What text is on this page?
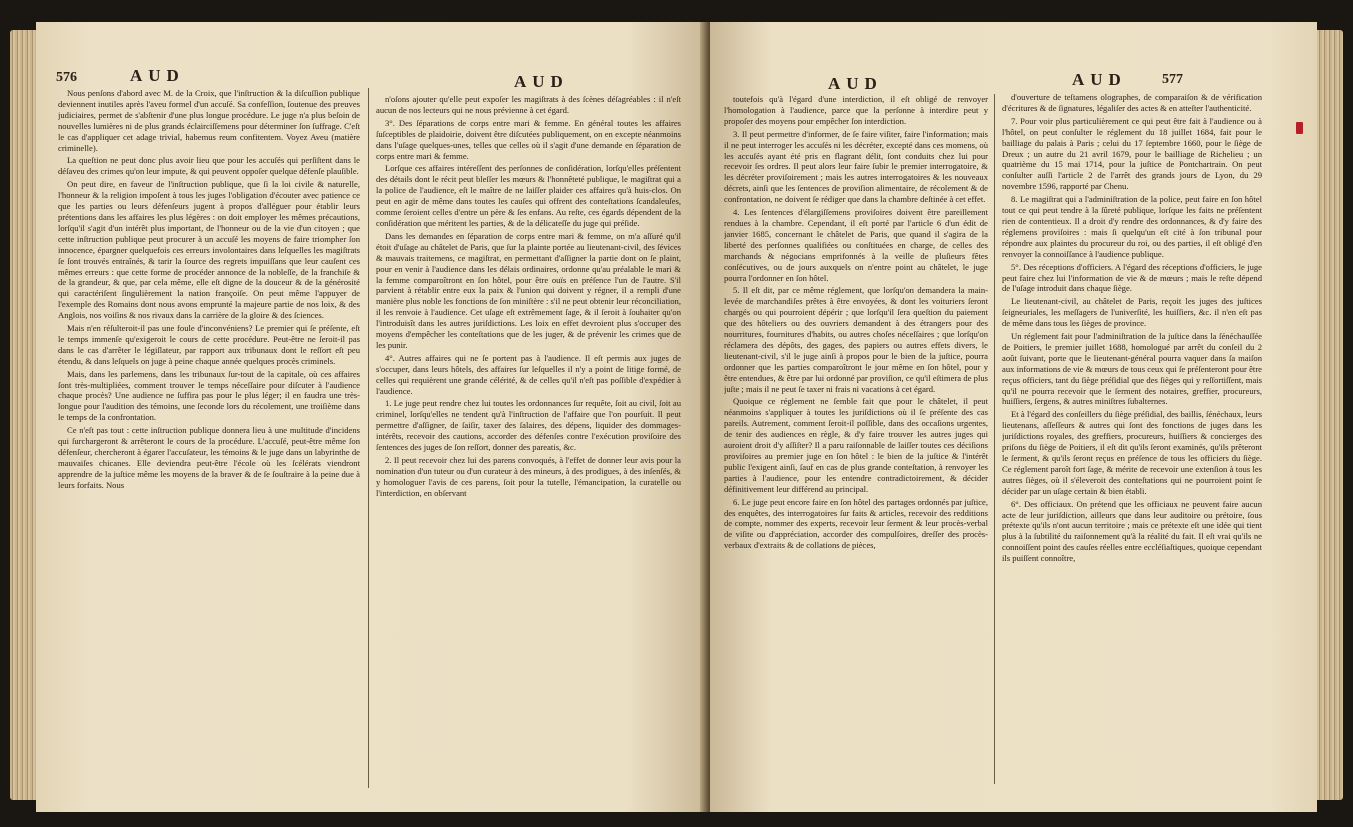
576	AUD	AUD

Nous penſons d'abord avec M. de la Croix, que l'inſtruction & la diſcuſſion publique deviennent inutiles après l'aveu formel d'un accuſé. Sa confeſſion, ſoutenue des preuves judiciaires, permet de s'abſtenir d'une plus longue procédure. Le juge n'a plus beſoin de nouvelles lumières ni de plus grands éclairciſſemens pour déterminer ſon ſuffrage. C'eſt le cas d'appliquer cet adage trivial, habemus reum confitentem. Voyez Aveu (matière criminelle).

La queſtion ne peut donc plus avoir lieu que pour les accuſés qui perſiſtent dans le déſaveu des crimes qu'on leur impute, & qui peuvent oppoſer quelque défenſe plauſible.

On peut dire, en faveur de l'inſtruction publique, que ſi la loi civile & naturelle, l'honneur & la religion impoſent à tous les juges l'obligation d'écouter avec patience ce que les parties ou leurs défenſeurs jugent à propos d'alléguer pour établir leurs prétentions dans les affaires les plus légères : on doit employer les mêmes précautions, lorſqu'il s'agit d'un intérêt plus important, de l'honneur ou de la vie d'un citoyen ; que cette inſtruction publique peut procurer à un accuſé les moyens de faire triompher ſon innocence, épargner quelquefois ces erreurs involontaires dans leſquelles les magiſtrats ſe ſont trouvés entraînés, & tarir la ſource des regrets impuiſſans que leur cauſent ces mêmes erreurs : que cette forme de procéder annonce de la nobleſſe, de la franchiſe & de la grandeur, & que, par cela même, elle eſt digne de la douceur & de la générosité qui caractériſent ſingulièrement la nation françoiſe. On peut même l'appuyer de l'exemple des Romains dont nous avons emprunté la majeure partie de nos loix, & des Anglois, nos voiſins & nos rivaux dans la carrière de la gloire & des ſciences.

Mais n'en réſulteroit-il pas une foule d'inconvéniens? Le premier qui ſe préſente, eſt le temps immenſe qu'exigeroit le cours de cette procédure. Peut-être ne ſeroit-il pas dans le cas d'arrêter le légiſlateur, par rapport aux tribunaux dont le reſſort eſt peu étendu, & dans leſquels on juge à peine chaque année quelques procès criminels.

Mais, dans les parlemens, dans les tribunaux ſur-tout de la capitale, où ces affaires ſont très-multipliées, comment trouver le temps néceſſaire pour diſcuter à l'audience chaque procès? Une audience ne ſuffira pas pour le plus léger; il en faudra une très-longue pour l'audition des témoins, une ſeconde lors du récolement, une troiſième dans le temps de la confrontation.

Ce n'eſt pas tout : cette inſtruction publique donnera lieu à une multitude d'incidens qui ſurchargeront & arrêteront le cours de la procédure. L'accuſé, peut-être même ſon défenſeur, chercheront à égarer l'accuſateur, les témoins & le juge dans un labyrinthe de mauvaiſes chicanes. Elle deviendra peut-être l'école où les ſcélérats viendront apprendre de la juſtice même les moyens de la braver & de ſe ſouſtraire à la peine due à leurs forfaits. Nous

n'oſons ajouter qu'elle peut expoſer les magiſtrats à des ſcènes déſagréables : il n'eſt aucun de nos lecteurs qui ne nous prévienne à cet égard.

3°. Des ſéparations de corps entre mari & femme. En général toutes les affaires ſuſceptibles de plaidoirie, doivent être diſcutées publiquement, on en excepte néanmoins dans l'uſage quelques-unes, telles que celles où il s'agit d'une demande en ſéparation de corps entre mari & femme.

Lorſque ces affaires intéreſſent des perſonnes de conſidération, lorſqu'elles préſentent des détails dont le récit peut bleſſer les mœurs & l'honnêteté publique, le magiſtrat qui a la police de l'audience, eſt le maître de ne laiſſer plaider ces affaires qu'à huis-clos. On peut en agir de même dans toutes les cauſes qui offrent des conteſtations ſcandaleuſes, comme ſeroient celles d'entre un père & ſes enfans. Au reſte, ces égards dépendent de la conſidération que méritent les parties, & de la délicateſſe du juge qui préſide.

Dans les demandes en ſéparation de corps entre mari & femme, on m'a aſſuré qu'il étoit d'uſage au châtelet de Paris, que ſur la plainte portée au lieutenant-civil, des ſévices & mauvais traitemens, ce magiſtrat, en permettant d'aſſigner la partie dont on ſe plaint, pour en venir à l'audience dans les délais ordinaires, ordonne qu'au préalable le mari & la femme comparoîtront en ſon hôtel, pour être ouïs en préſence l'un de l'autre. S'il parvient à rétablir entre eux la paix & l'union qui doivent y régner, il a rempli d'une manière plus noble les fonctions de ſon miniſtère : s'il ne peut obtenir leur réconciliation, il les renvoie à l'audience. Cet uſage eſt extrêmement ſage, & il ſeroit à ſouhaiter qu'on l'introduisît dans les autres juriſdictions. Les loix en effet devroient plus s'occuper des moyens d'empêcher les conteſtations que de les juger, & de prévenir les crimes que de les punir.

4°. Autres affaires qui ne ſe portent pas à l'audience. Il eſt permis aux juges de s'occuper, dans leurs hôtels, des affaires ſur leſquelles il n'y a point de litige formé, de celles qui requièrent une grande célérité, & de celles qu'il n'eſt pas poſſible d'expédier à l'audience.

1. Le juge peut rendre chez lui toutes les ordonnances ſur requête, ſoit au civil, ſoit au criminel, lorſqu'elles ne tendent qu'à l'inſtruction de l'affaire que l'on pourſuit. Il peut permettre d'aſſigner, de ſaiſir, taxer des ſalaires, des dépens, liquider des dommages-intérêts, recevoir des cautions, accorder des défenſes contre l'exécution proviſoire des ſentences des juges de ſon reſſort, donner des pareatis, &c.

2. Il peut recevoir chez lui des parens convoqués, à l'effet de donner leur avis pour la nomination d'un tuteur ou d'un curateur à des mineurs, à des prodigues, à des inſenſés, & y homologuer l'avis de ces parens, ſoit pour la tutelle, l'émancipation, la curatelle ou l'interdiction, en obſervant

AUD	AUD	577

toutefois qu'à l'égard d'une interdiction, il eſt obligé de renvoyer l'homologation à l'audience, parce que la perſonne à interdire peut y propoſer des moyens pour empêcher ſon interdiction.

3. Il peut permettre d'informer, de ſe faire viſiter, faire l'information; mais il ne peut interroger les accuſés ni les décréter, excepté dans ces momens, où les accuſés ayant été pris en flagrant délit, ſont conduits chez lui pour recevoir ſes ordres. Il peut alors leur faire ſubir le premier interrogatoire, & les décréter proviſoirement ; mais les autres interrogatoires & les nouveaux décrets, ainſi que les ſentences de proviſion alimentaire, de récolement & de confrontation, ne doivent ſe rédiger que dans la chambre deſtinée à cet effet.

4. Les ſentences d'élargiſſemens proviſoires doivent être pareillement rendues à la chambre. Cependant, il eſt porté par l'article 6 d'un édit de janvier 1685, concernant le châtelet de Paris, que quand il s'agira de la liberté des perſonnes qualifiées ou conſtituées en charge, de celles des marchands & négocians emprifonnés à la veille de pluſieurs fêtes conſécutives, ou de jours auxquels on n'entre point au châtelet, le juge pourra l'ordonner en ſon hôtel.

5. Il eſt dit, par ce même réglement, que lorſqu'on demandera la main-levée de marchandiſes prêtes à être envoyées, & dont les voituriers ſeront chargés ou qui pourroient dépérir ; que lorſqu'il ſera queſtion du paiement que des hôteliers ou des ouvriers demandent à des étrangers pour des nourritures, fournitures d'habits, ou autres choſes néceſſaires ; que lorſqu'on réclamera des dépôts, des gages, des papiers ou autres effets divers, le lieutenant-civil, s'il le juge ainſi à propos pour le bien de la juſtice, pourra ordonner que les parties comparoîtront le jour même en ſon hôtel, pour y être entendues, & être par lui ordonné par proviſion, ce qu'il eſtimera de plus juſte ; mais il ne peut ſe taxer ni frais ni vacations à cet égard.

Quoique ce réglement ne ſemble fait que pour le châtelet, il peut néanmoins s'appliquer à toutes les juriſdictions où il ſe préſente des cas pareils. Autrement, comment ſeroit-il poſſible, dans des occaſions urgentes, de tenir des audiences en règle, & d'y faire trouver les autres juges qui auroient droit d'y aſſiſter? Il a paru raiſonnable de laiſſer toutes ces déciſions proviſoires au premier juge en ſon hôtel : le bien de la juſtice & l'intérêt public l'exigent ainſi, ſauf en cas de plus grande conteſtation, à renvoyer les parties à l'audience, pour les entendre contradictoirement, & décider définitivement leur différend au principal.

6. Le juge peut encore faire en ſon hôtel des partages ordonnés par juſtice, des enquêtes, des interrogatoires ſur faits & articles, recevoir des redditions de compte, nommer des experts, recevoir leur ſerment & leur procès-verbal de viſite ou d'appréciation, accorder des compulſoires, dreſſer des procès-verbaux d'extraits & de collations de pièces,

d'ouverture de teſtamens olographes, de comparaiſon & de vérification d'écritures & de ſignatures, légaliſer des actes & en atteſter l'authenticité.

7. Pour voir plus particulièrement ce qui peut être fait à l'audience ou à l'hôtel, on peut conſulter le réglement du 18 juillet 1684, fait pour le bailliage du palais à Paris ; celui du 17 ſeptembre 1660, pour le ſiège de Dreux ; un autre du 21 avril 1679, pour le bailliage de Richelieu ; un quatrième du 15 mai 1714, pour la juſtice de Pontchartrain. On peut conſulter auſſi l'article 2 de l'arrêt des grands jours de Lyon, du 29 novembre 1596, rapporté par Chenu.

8. Le magiſtrat qui a l'adminiſtration de la police, peut faire en ſon hôtel tout ce qui peut tendre à la ſûreté publique, lorſque les faits ne préſentent rien de contentieux. Il a droit d'y rendre des ordonnances, & d'y faire des réglemens proviſoires : mais ſi quelqu'un eſt cité à ſon tribunal pour répondre aux plaintes du procureur du roi, ou des parties, il eſt obligé d'en renvoyer la connoiſſance à l'audience publique.

5°. Des réceptions d'officiers. A l'égard des réceptions d'officiers, le juge peut faire chez lui l'information de vie & de mœurs ; mais le reſte dépend de l'uſage introduit dans chaque ſiège.

Le lieutenant-civil, au châtelet de Paris, reçoit les juges des juſtices ſeigneuriales, les meſſagers de l'univerſité, les huiſſiers, &c. il n'en eſt pas de même dans tous les ſièges de province.

Un réglement fait pour l'adminiſtration de la juſtice dans la ſénéchauſſée de Poitiers, le premier juillet 1688, homologué par arrêt du conſeil du 2 août ſuivant, porte que le lieutenant-général pourra vaquer dans ſa maiſon aux informations de vie & mœurs de tous ceux qui ſe préſenteront pour être reçus officiers, tant du ſiège préſidial que des ſièges qui y reſſortiſſent, mais qu'il ne pourra recevoir que le ſerment des notaires, greffier, procureurs, huiſſiers, ſergens, & autres miniſtres ſubalternes.

Et à l'égard des conſeillers du ſiège préſidial, des baillis, ſénéchaux, leurs lieutenans, aſſeſſeurs & autres qui ſont des fonctions de juges dans les juriſdictions royales, des greffiers, procureurs, huiſſiers & concierges des priſons du ſiège de Poitiers, il eſt dit qu'ils ſeront examinés, qu'ils prêteront le ſerment, & qu'ils ſeront reçus en préſence de tous les officiers du ſiège. Ce réglement paroît fort ſage, & mérite de recevoir une extenſion à tous les autres ſièges, où il s'éleveroit des conteſtations qui ne pourroient point ſe décider par un uſage certain & bien établi.

6°. Des officiaux. On prétend que les officiaux ne peuvent faire aucun acte de leur juriſdiction, ailleurs que dans leur auditoire ou prétoire, ſous prétexte qu'ils n'ont aucun territoire ; mais ce prétexte eſt une idée qui tient plus à la ſubtilité du raiſonnement qu'à la réalité du fait. Il eſt vrai qu'ils ne connoiſſent point des cauſes réelles entre eccléſiaſtiques, quoique cependant ils puiſſent connoître,
